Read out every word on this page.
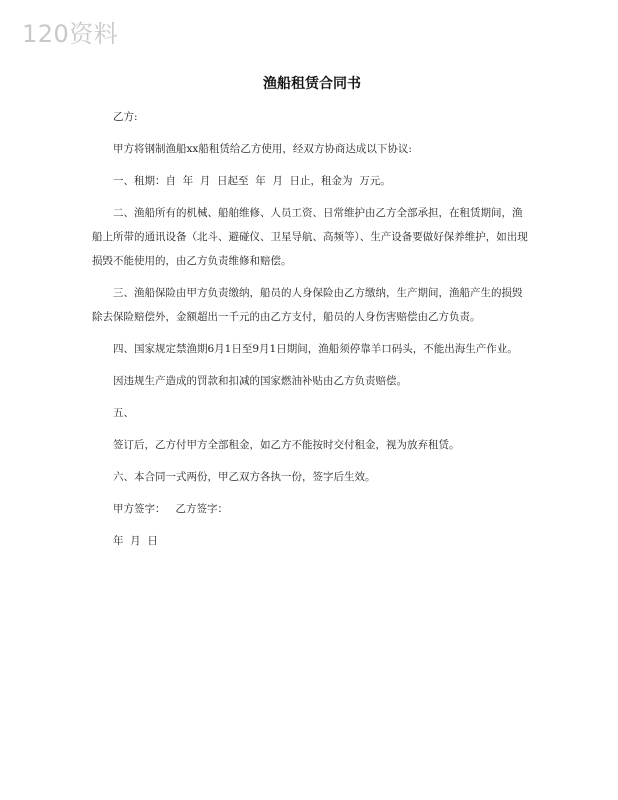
120资料
渔船租赁合同书
乙方:
甲方将钢制渔船xx船租赁给乙方使用，经双方协商达成以下协议:
一、租期：自  年  月  日起至  年  月  日止，租金为  万元。
二、渔船所有的机械、船舶维修、人员工资、日常维护由乙方全部承担，在租赁期间，渔船上所带的通讯设备（北斗、避碰仪、卫星导航、高频等）、生产设备要做好保养维护，如出现损毁不能使用的，由乙方负责维修和赔偿。
三、渔船保险由甲方负责缴纳，船员的人身保险由乙方缴纳，生产期间，渔船产生的损毁除去保险赔偿外，金额超出一千元的由乙方支付，船员的人身伤害赔偿由乙方负责。
四、国家规定禁渔期6月1日至9月1日期间，渔船须停靠羊口码头，不能出海生产作业。
因违规生产造成的罚款和扣减的国家燃油补贴由乙方负责赔偿。
五、
签订后，乙方付甲方全部租金，如乙方不能按时交付租金，视为放弃租赁。
六、本合同一式两份，甲乙双方各执一份，签字后生效。
甲方签字：   乙方签字：
年  月  日
